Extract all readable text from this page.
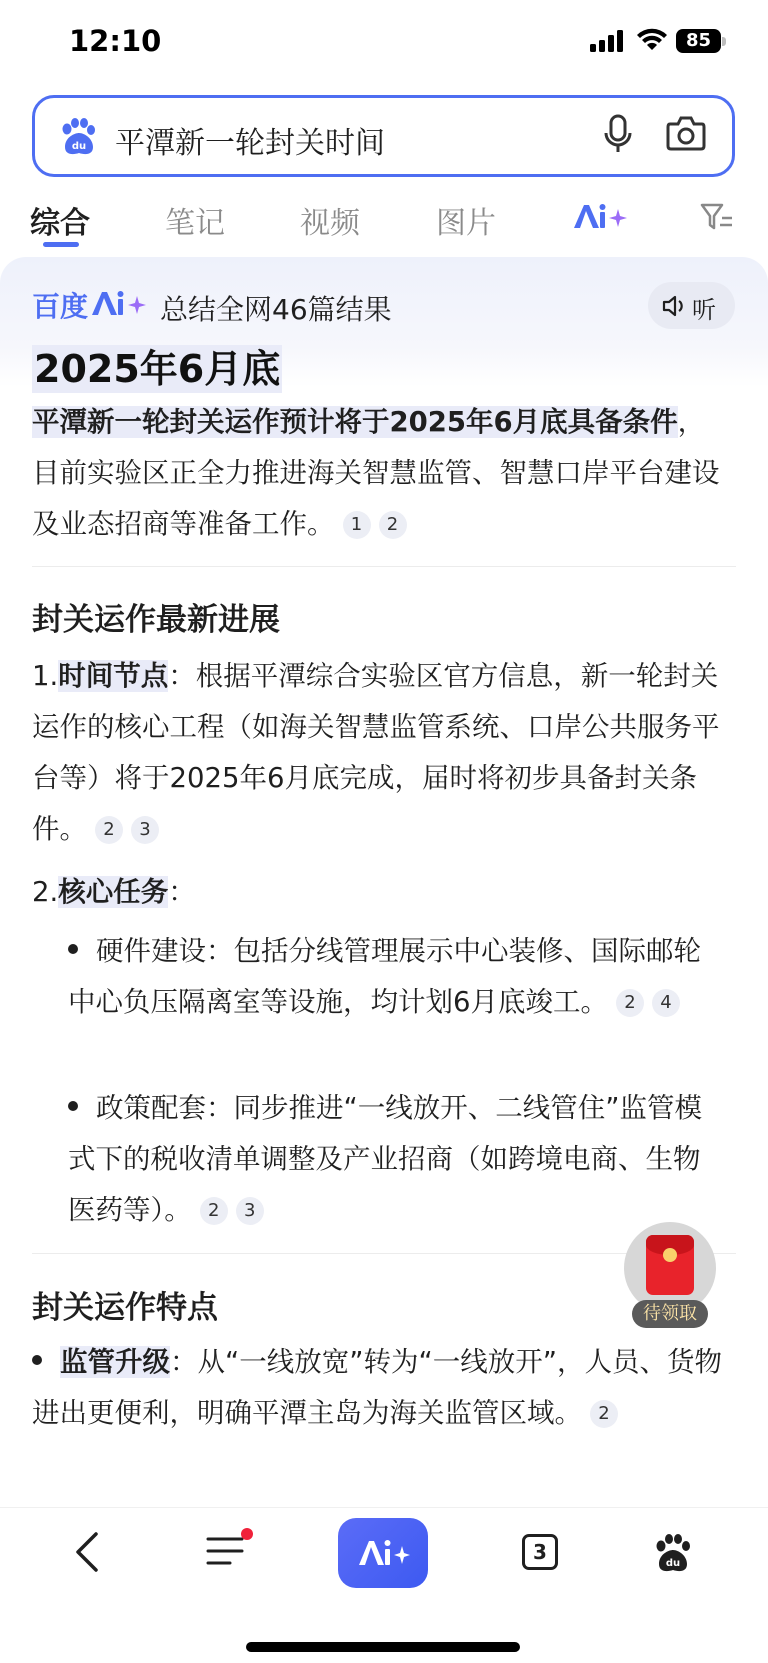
12:10	85
du 平潭新一轮封关时间
综合	笔记	视频	图片
百度	总结全网46篇结果	听
2025年6月底
平潭新一轮封关运作预计将于2025年6月底具备条件，目前实验区正全力推进海关智慧监管、智慧口岸平台建设及业态招商等准备工作。 1 2
封关运作最新进展
1.时间节点：根据平潭综合实验区官方信息，新一轮封关运作的核心工程（如海关智慧监管系统、口岸公共服务平台等）将于2025年6月底完成，届时将初步具备封关条件。 2 3
2.核心任务：
硬件建设：包括分线管理展示中心装修、国际邮轮中心负压隔离室等设施，均计划6月底竣工。 2 4
政策配套：同步推进“一线放开、二线管住”监管模式下的税收清单调整及产业招商（如跨境电商、生物医药等）。 2 3
封关运作特点
监管升级：从“一线放宽”转为“一线放开”，人员、货物进出更便利，明确平潭主岛为海关监管区域。 2
待领取
3	du
